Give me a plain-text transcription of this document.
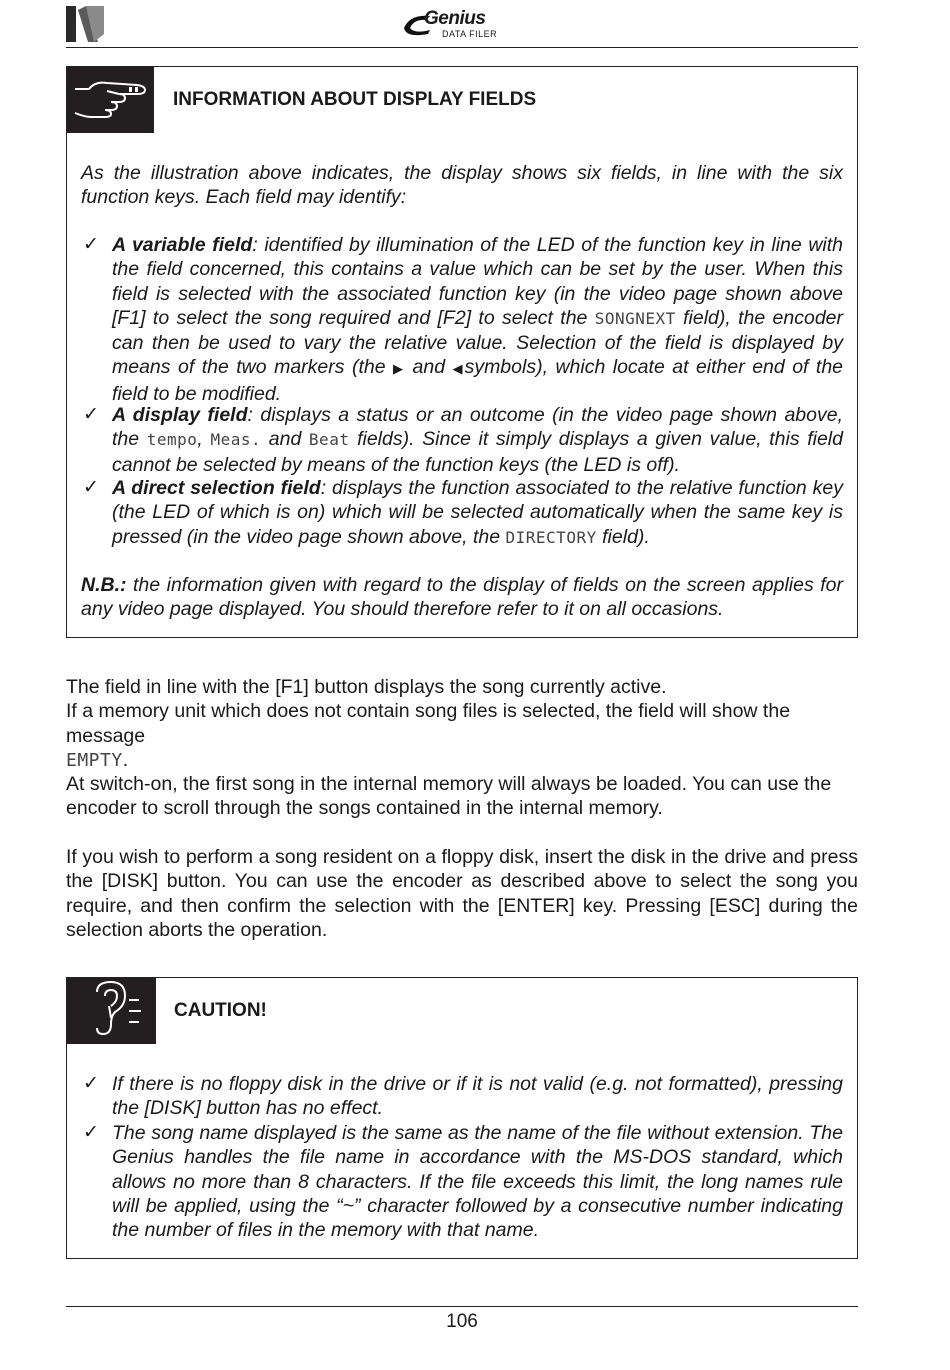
Genius
DATA FILER
INFORMATION ABOUT DISPLAY FIELDS
As the illustration above indicates, the display shows six fields, in line with the six function keys. Each field may identify:
✓ A variable field: identified by illumination of the LED of the function key in line with the field concerned, this contains a value which can be set by the user. When this field is selected with the associated function key (in the video page shown above [F1] to select the song required and [F2] to select the SONGNEXT field), the encoder can then be used to vary the relative value. Selection of the field is displayed by means of the two markers (the ▶ and ◀symbols), which locate at either end of the field to be modified.
✓ A display field: displays a status or an outcome (in the video page shown above, the tempo, Meas. and Beat fields). Since it simply displays a given value, this field cannot be selected by means of the function keys (the LED is off).
✓ A direct selection field: displays the function associated to the relative function key (the LED of which is on) which will be selected automatically when the same key is pressed (in the video page shown above, the DIRECTORY field).
N.B.: the information given with regard to the display of fields on the screen applies for any video page displayed. You should therefore refer to it on all occasions.
The field in line with the [F1] button displays the song currently active.
If a memory unit which does not contain song files is selected, the field will show the message
EMPTY.
At switch-on, the first song in the internal memory will always be loaded. You can use the encoder to scroll through the songs contained in the internal memory.
If you wish to perform a song resident on a floppy disk, insert the disk in the drive and press the [DISK] button. You can use the encoder as described above to select the song you require, and then confirm the selection with the [ENTER] key. Pressing [ESC] during the selection aborts the operation.
CAUTION!
✓ If there is no floppy disk in the drive or if it is not valid (e.g. not formatted), pressing the [DISK] button has no effect.
✓ The song name displayed is the same as the name of the file without extension. The Genius handles the file name in accordance with the MS-DOS standard, which allows no more than 8 characters. If the file exceeds this limit, the long names rule will be applied, using the “~” character followed by a consecutive number indicating the number of files in the memory with that name.
106
